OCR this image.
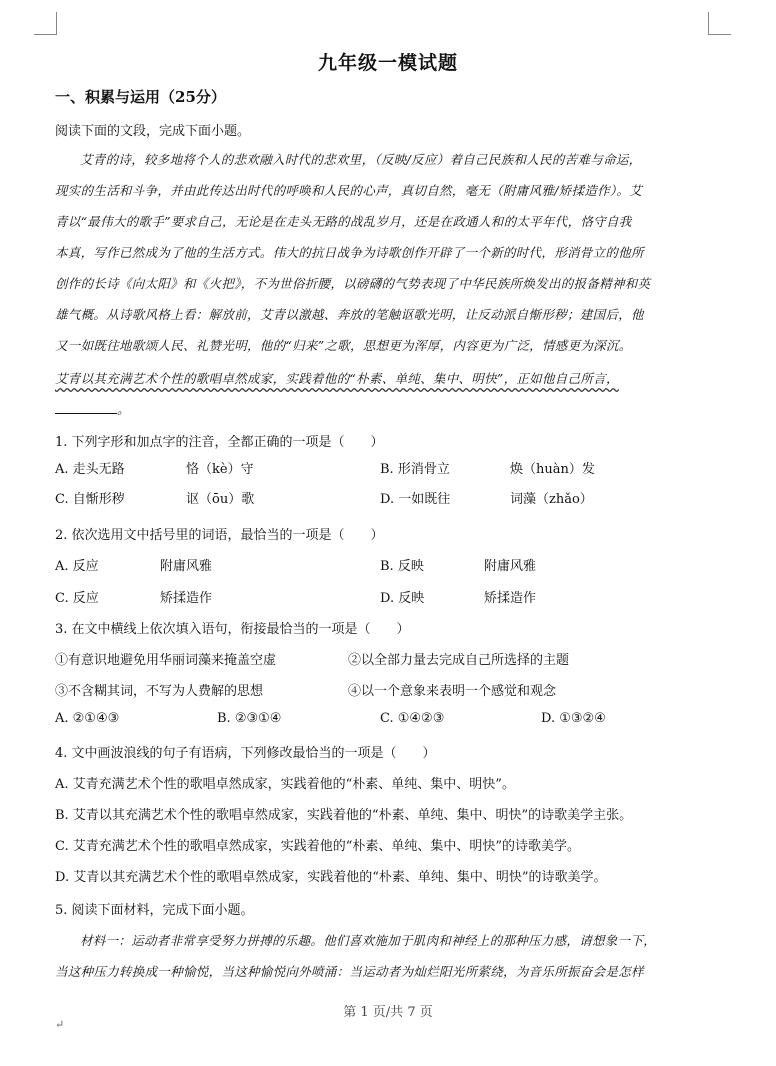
九年级一模试题
一、积累与运用（25分）
阅读下面的文段，完成下面小题。
艾青的诗，较多地将个人的悲欢融入时代的悲欢里，（反映/反应）着自己民族和人民的苦难与命运，
现实的生活和斗争，并由此传达出时代的呼唤和人民的心声，真切自然，毫无（附庸风雅/矫揉造作）。艾
青以“最伟大的歌手”要求自己，无论是在走头无路的战乱岁月，还是在政通人和的太平年代，恪守自我
本真，写作已然成为了他的生活方式。伟大的抗日战争为诗歌创作开辟了一个新的时代，形消骨立的他所
创作的长诗《向太阳》和《火把》，不为世俗折腰，以磅礴的气势表现了中华民族所焕发出的报备精神和英
雄气概。从诗歌风格上看：解放前，艾青以激越、奔放的笔触讴歌光明，让反动派自惭形秽；建国后，他
又一如既往地歌颂人民、礼赞光明，他的“归来”之歌，思想更为浑厚，内容更为广泛，情感更为深沉。
艾青以其充满艺术个性的歌唱卓然成家，实践着他的“朴素、单纯、集中、明快”，正如他自己所言，
。
1. 下列字形和加点字的注音，全都正确的一项是（　　）
A. 走头无路	恪（kè）守	B. 形消骨立	焕（huàn）发
C. 自惭形秽	讴（ōu）歌	D. 一如既往	词藻（zhǎo）
2. 依次选用文中括号里的词语，最恰当的一项是（　　）
A. 反应	附庸风雅	B. 反映	附庸风雅
C. 反应	矫揉造作	D. 反映	矫揉造作
3. 在文中横线上依次填入语句，衔接最恰当的一项是（　　）
①有意识地避免用华丽词藻来掩盖空虚	②以全部力量去完成自己所选择的主题
③不含糊其词，不写为人费解的思想	④以一个意象来表明一个感觉和观念
A. ②①④③	B. ②③①④	C. ①④②③	D. ①③②④
4. 文中画波浪线的句子有语病，下列修改最恰当的一项是（　　）
A. 艾青充满艺术个性的歌唱卓然成家，实践着他的“朴素、单纯、集中、明快”。
B. 艾青以其充满艺术个性的歌唱卓然成家，实践着他的“朴素、单纯、集中、明快”的诗歌美学主张。
C. 艾青充满艺术个性的歌唱卓然成家，实践着他的“朴素、单纯、集中、明快”的诗歌美学。
D. 艾青以其充满艺术个性的歌唱卓然成家，实践着他的“朴素、单纯、集中、明快”的诗歌美学。
5. 阅读下面材料，完成下面小题。
材料一：运动者非常享受努力拼搏的乐趣。他们喜欢施加于肌肉和神经上的那种压力感，请想象一下，
当这种压力转换成一种愉悦，当这种愉悦向外喷涌：当运动者为灿烂阳光所萦绕，为音乐所振奋会是怎样
第 1 页/共 7 页
↵
